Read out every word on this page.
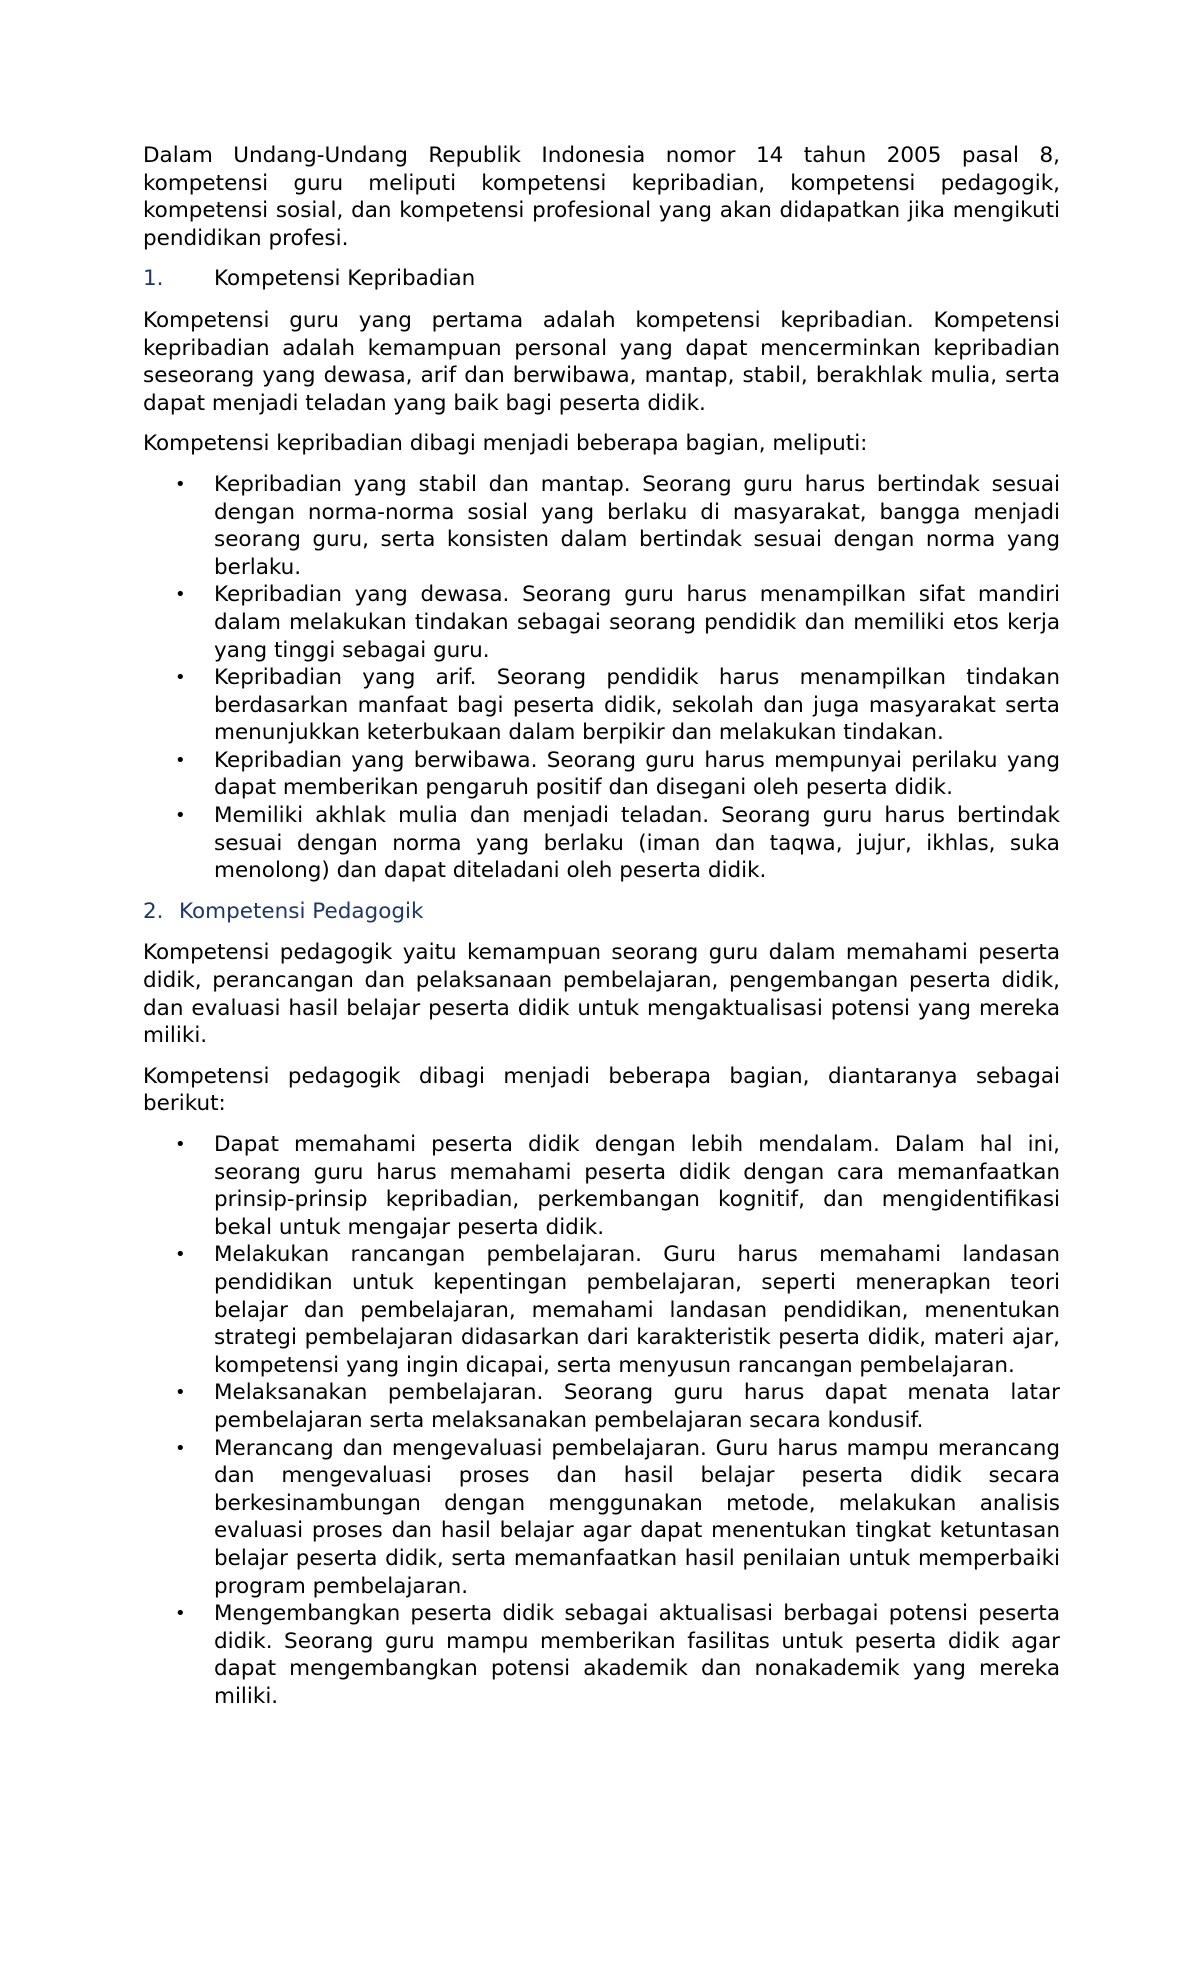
Dalam Undang-Undang Republik Indonesia nomor 14 tahun 2005 pasal 8, kompetensi guru meliputi kompetensi kepribadian, kompetensi pedagogik, kompetensi sosial, dan kompetensi profesional yang akan didapatkan jika mengikuti pendidikan profesi.

1.	Kompetensi Kepribadian

Kompetensi guru yang pertama adalah kompetensi kepribadian. Kompetensi kepribadian adalah kemampuan personal yang dapat mencerminkan kepribadian seseorang yang dewasa, arif dan berwibawa, mantap, stabil, berakhlak mulia, serta dapat menjadi teladan yang baik bagi peserta didik.

Kompetensi kepribadian dibagi menjadi beberapa bagian, meliputi:

• Kepribadian yang stabil dan mantap. Seorang guru harus bertindak sesuai dengan norma-norma sosial yang berlaku di masyarakat, bangga menjadi seorang guru, serta konsisten dalam bertindak sesuai dengan norma yang berlaku.
• Kepribadian yang dewasa. Seorang guru harus menampilkan sifat mandiri dalam melakukan tindakan sebagai seorang pendidik dan memiliki etos kerja yang tinggi sebagai guru.
• Kepribadian yang arif. Seorang pendidik harus menampilkan tindakan berdasarkan manfaat bagi peserta didik, sekolah dan juga masyarakat serta menunjukkan keterbukaan dalam berpikir dan melakukan tindakan.
• Kepribadian yang berwibawa. Seorang guru harus mempunyai perilaku yang dapat memberikan pengaruh positif dan disegani oleh peserta didik.
• Memiliki akhlak mulia dan menjadi teladan. Seorang guru harus bertindak sesuai dengan norma yang berlaku (iman dan taqwa, jujur, ikhlas, suka menolong) dan dapat diteladani oleh peserta didik.
2. Kompetensi Pedagogik

Kompetensi pedagogik yaitu kemampuan seorang guru dalam memahami peserta didik, perancangan dan pelaksanaan pembelajaran, pengembangan peserta didik, dan evaluasi hasil belajar peserta didik untuk mengaktualisasi potensi yang mereka miliki.

Kompetensi pedagogik dibagi menjadi beberapa bagian, diantaranya sebagai berikut:

• Dapat memahami peserta didik dengan lebih mendalam. Dalam hal ini, seorang guru harus memahami peserta didik dengan cara memanfaatkan prinsip-prinsip kepribadian, perkembangan kognitif, dan mengidentifikasi bekal untuk mengajar peserta didik.
• Melakukan rancangan pembelajaran. Guru harus memahami landasan pendidikan untuk kepentingan pembelajaran, seperti menerapkan teori belajar dan pembelajaran, memahami landasan pendidikan, menentukan strategi pembelajaran didasarkan dari karakteristik peserta didik, materi ajar, kompetensi yang ingin dicapai, serta menyusun rancangan pembelajaran.
• Melaksanakan pembelajaran. Seorang guru harus dapat menata latar pembelajaran serta melaksanakan pembelajaran secara kondusif.
• Merancang dan mengevaluasi pembelajaran. Guru harus mampu merancang dan mengevaluasi proses dan hasil belajar peserta didik secara berkesinambungan dengan menggunakan metode, melakukan analisis evaluasi proses dan hasil belajar agar dapat menentukan tingkat ketuntasan belajar peserta didik, serta memanfaatkan hasil penilaian untuk memperbaiki program pembelajaran.
• Mengembangkan peserta didik sebagai aktualisasi berbagai potensi peserta didik. Seorang guru mampu memberikan fasilitas untuk peserta didik agar dapat mengembangkan potensi akademik dan nonakademik yang mereka miliki.
